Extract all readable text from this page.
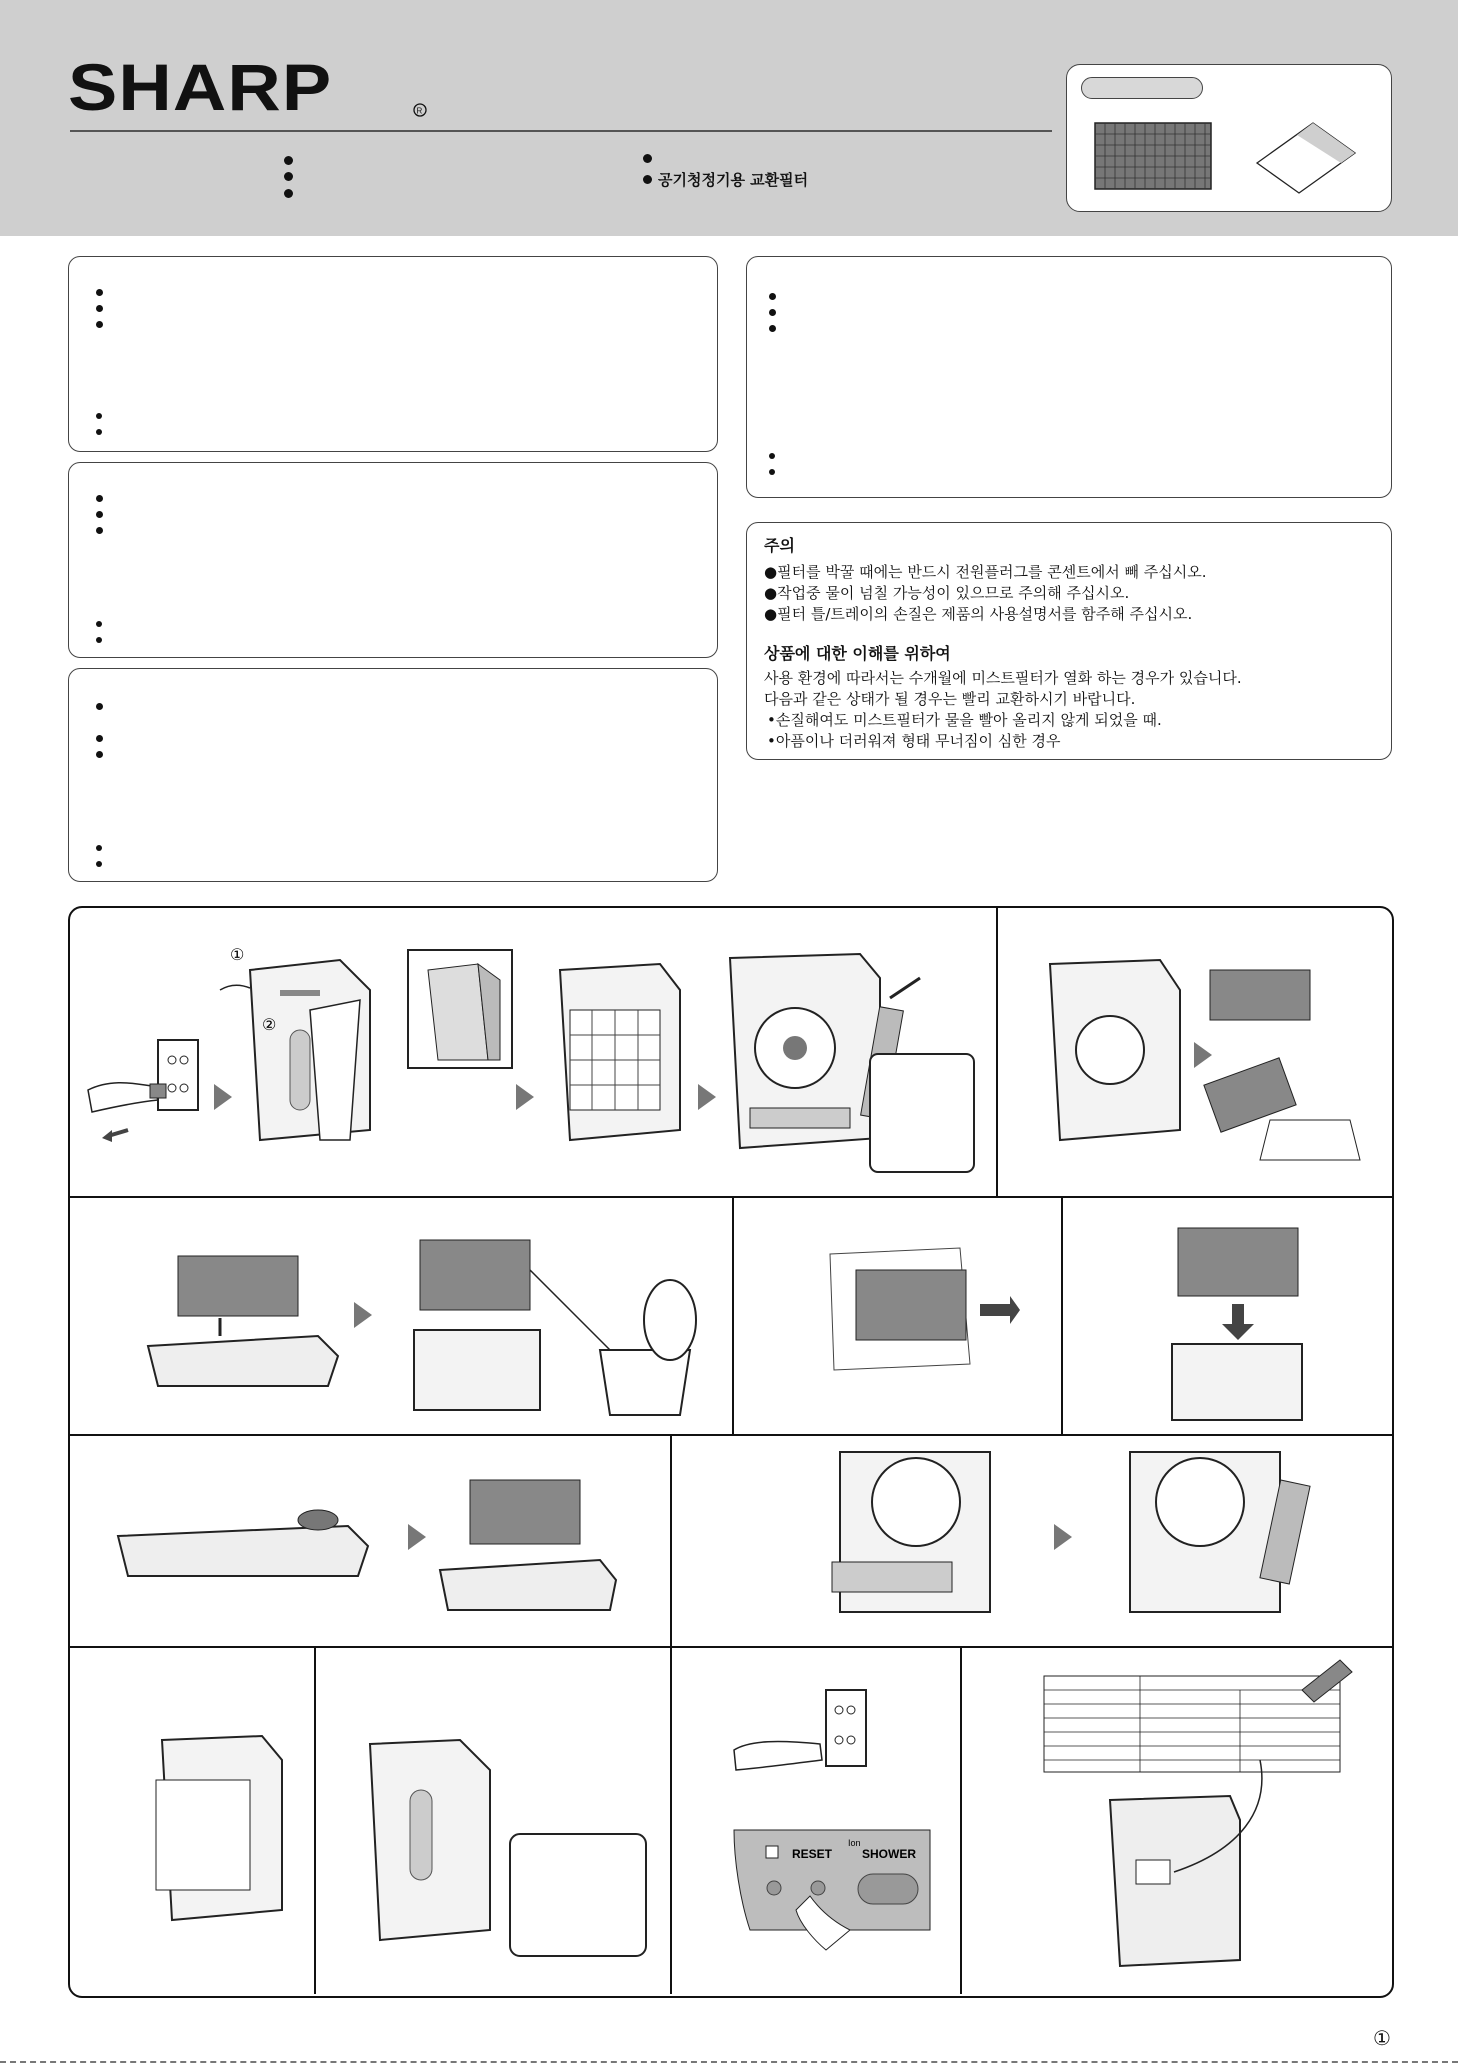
SHARP	R
공기청정기용 교환필터
주의
●필터를 박꿀 때에는 반드시 전원플러그를 콘센트에서 빼 주십시오.
●작업중 물이 넘칠 가능성이 있으므로 주의해 주십시오.
●필터 틀/트레이의 손질은 제품의 사용설명서를 함주해 주십시오.
상품에 대한 이해를 위하여
사용 환경에 따라서는 수개월에 미스트필터가 열화 하는 경우가 있습니다.
다음과 같은 상태가 될 경우는 빨리 교환하시기 바랍니다.
•손질해여도 미스트필터가 물을 빨아 올리지 않게 되었을 때.
•아픔이나 더러워져 형태 무너짐이 심한 경우
①
②
RESET
Ion
SHOWER
①
